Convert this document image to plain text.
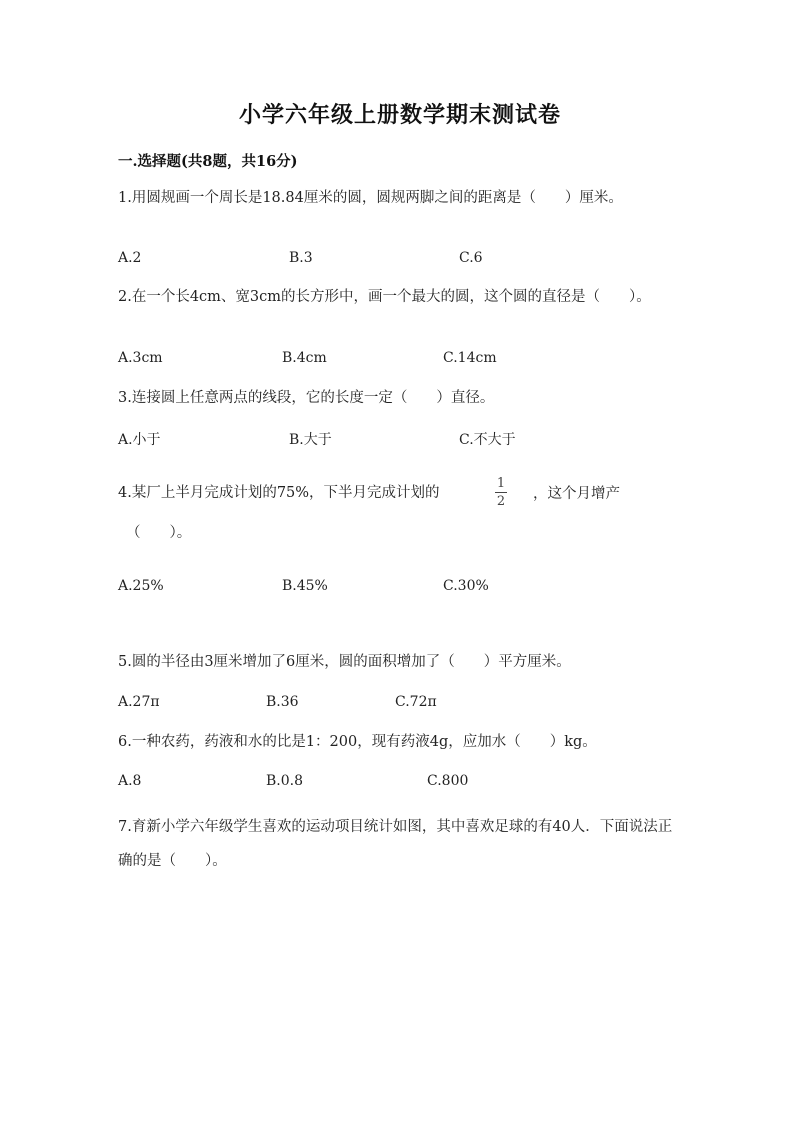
小学六年级上册数学期末测试卷
一.选择题(共8题，共16分)
1.用圆规画一个周长是18.84厘米的圆，圆规两脚之间的距离是（　　）厘米。
A.2	B.3	C.6
2.在一个长4cm、宽3cm的长方形中，画一个最大的圆，这个圆的直径是（　　）。
A.3cm	B.4cm	C.14cm
3.连接圆上任意两点的线段，它的长度一定（　　）直径。
A.小于	B.大于	C.不大于
4.某厂上半月完成计划的75%，下半月完成计划的
1
2	，这个月增产
（　　）。
A.25%	B.45%	C.30%
5.圆的半径由3厘米增加了6厘米，圆的面积增加了（　　）平方厘米。
A.27π	B.36	C.72π
6.一种农药，药液和水的比是1：200，现有药液4g，应加水（　　）kg。
A.8	B.0.8	C.800
7.育新小学六年级学生喜欢的运动项目统计如图，其中喜欢足球的有40人．下面说法正确的是（　　）。
